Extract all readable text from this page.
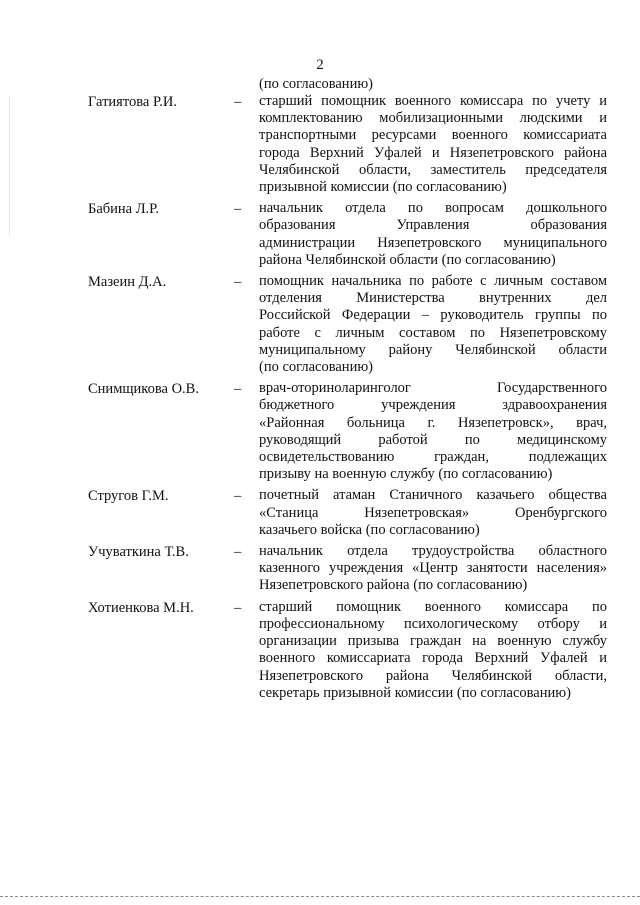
2
(по согласованию)
Гатиятова Р.И.	– старший помощник военного комиссара по учету и
комплектованию мобилизационными людскими и
транспортными ресурсами военного комиссариата
города Верхний Уфалей и Нязепетровского района
Челябинской области, заместитель председателя
призывной комиссии (по согласованию)
Бабина Л.Р.	– начальник отдела по вопросам дошкольного
образования Управления образования
администрации Нязепетровского муниципального
района Челябинской области (по согласованию)
Мазеин Д.А.	– помощник начальника по работе с личным составом
отделения Министерства внутренних дел
Российской Федерации – руководитель группы по
работе с личным составом по Нязепетровскому
муниципальному району Челябинской области
(по согласованию)
Снимщикова О.В. – врач-оториноларинголог Государственного
бюджетного учреждения здравоохранения
«Районная больница г. Нязепетровск», врач,
руководящий работой по медицинскому
освидетельствованию граждан, подлежащих
призыву на военную службу (по согласованию)
Стругов Г.М.	– почетный атаман Станичного казачьего общества
«Станица Нязепетровская» Оренбургского
казачьего войска (по согласованию)
Учуваткина Т.В.	– начальник отдела трудоустройства областного
казенного учреждения «Центр занятости населения»
Нязепетровского района (по согласованию)
Хотиенкова М.Н.	– старший помощник военного комиссара по
профессиональному психологическому отбору и
организации призыва граждан на военную службу
военного комиссариата города Верхний Уфалей и
Нязепетровского района Челябинской области,
секретарь призывной комиссии (по согласованию)
